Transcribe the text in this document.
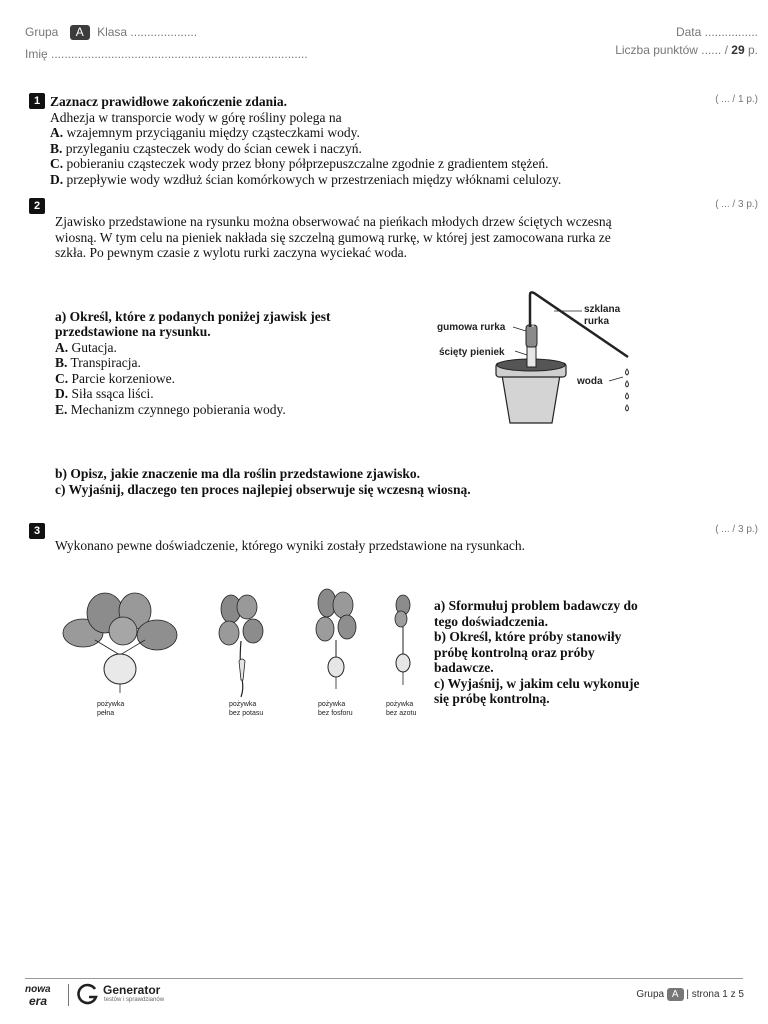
Grupa A Klasa ....................
Imię .............................................................................
Data ................
Liczba punktów ...... / 29 p.
1	( ... / 1 p.)
Zaznacz prawidłowe zakończenie zdania.
Adhezja w transporcie wody w górę rośliny polega na
A. wzajemnym przyciąganiu między cząsteczkami wody.
B. przyleganiu cząsteczek wody do ścian cewek i naczyń.
C. pobieraniu cząsteczek wody przez błony półprzepuszczalne zgodnie z gradientem stężeń.
D. przepływie wody wzdłuż ścian komórkowych w przestrzeniach między włóknami celulozy.
2	( ... / 3 p.)
Zjawisko przedstawione na rysunku można obserwować na pieńkach młodych drzew ściętych wczesną
wiosną. W tym celu na pieniek nakłada się szczelną gumową rurkę, w której jest zamocowana rurka ze
szkła. Po pewnym czasie z wylotu rurki zaczyna wyciekać woda.
a) Określ, które z podanych poniżej zjawisk jest
przedstawione na rysunku.
A. Gutacja.
B. Transpiracja.
C. Parcie korzeniowe.
D. Siła ssąca liści.
E. Mechanizm czynnego pobierania wody.
szklana
rurka
gumowa rurka
ścięty pieniek
woda
b) Opisz, jakie znaczenie ma dla roślin przedstawione zjawisko.
c) Wyjaśnij, dlaczego ten proces najlepiej obserwuje się wczesną wiosną.
3	( ... / 3 p.)
Wykonano pewne doświadczenie, którego wyniki zostały przedstawione na rysunkach.
pożywka
pełna
pożywka
bez potasu
pożywka
bez fosforu
pożywka
bez azotu
a) Sformułuj problem badawczy do
tego doświadczenia.
b) Określ, które próby stanowiły
próbę kontrolną oraz próby
badawcze.
c) Wyjaśnij, w jakim celu wykonuje
się próbę kontrolną.
nowa
era
Generator
testów i sprawdzianów	Grupa A | strona 1 z 5
